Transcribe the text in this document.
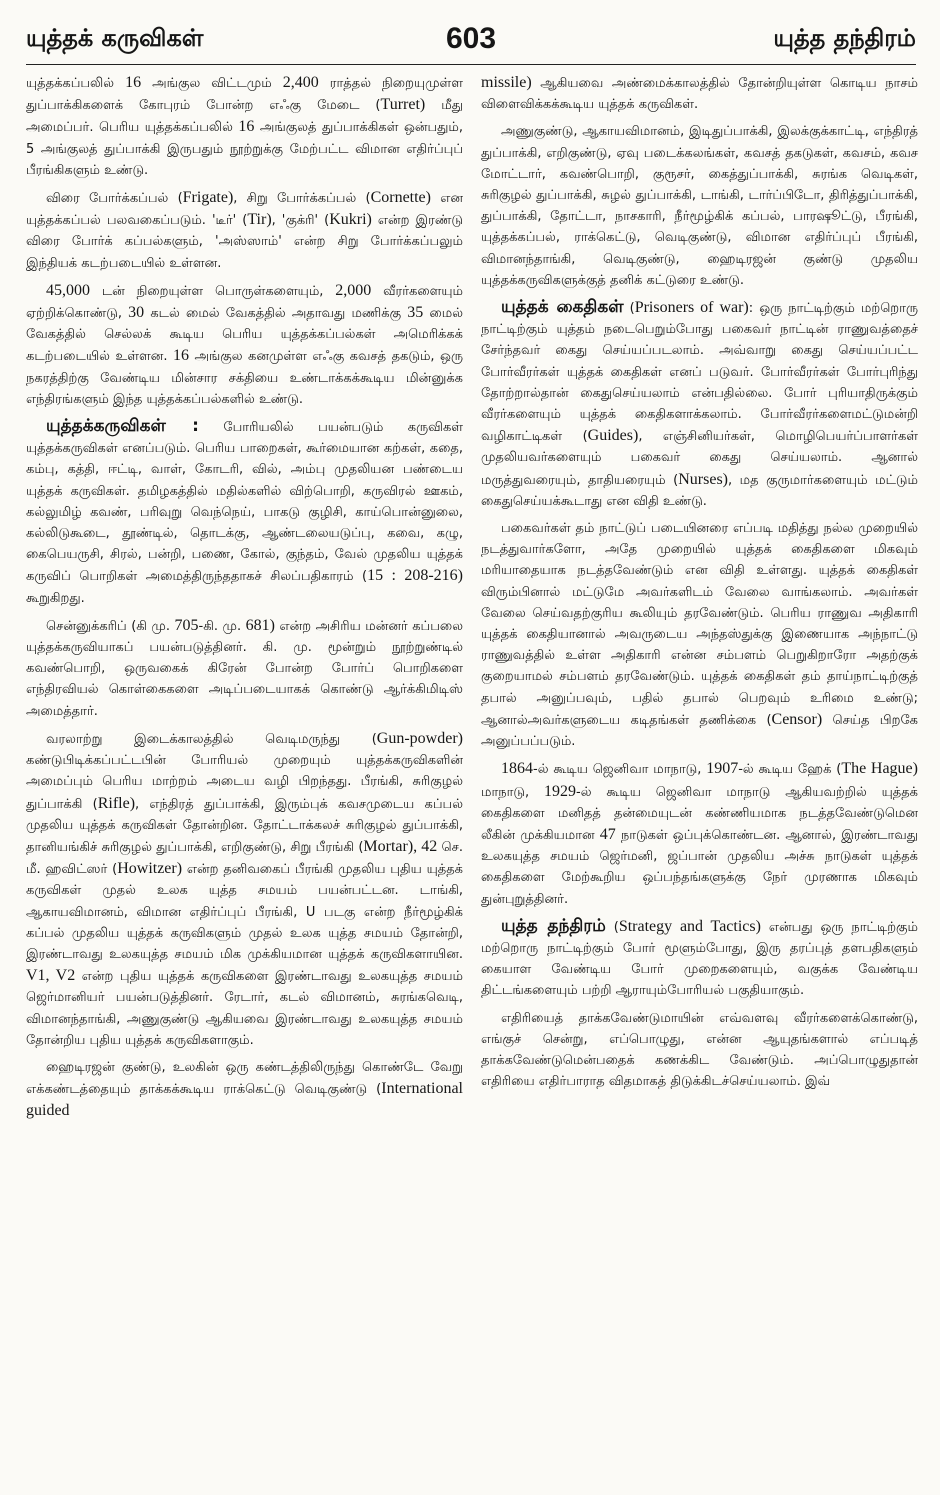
யுத்தக் கருவிகள்	603	யுத்த தந்திரம்

யுத்தக்கப்பலில் 16 அங்குல விட்டமும் 2,400 ராத்தல் நிறையுமுள்ள துப்பாக்கிகளைக் கோபுரம் போன்ற எஃகு மேடை (Turret) மீது அமைப்பர். பெரிய யுத்தக்கப்பலில் 16 அங்குலத் துப்பாக்கிகள் ஒன்பதும், 5 அங்குலத் துப்பாக்கி இருபதும் நூற்றுக்கு மேற்பட்ட விமான எதிர்ப்புப் பீரங்கிகளும் உண்டு.

விரை போர்க்கப்பல் (Frigate), சிறு போர்க்கப்பல் (Cornette) என யுத்தக்கப்பல் பலவகைப்படும். 'டீர்' (Tir), 'குக்ரி' (Kukri) என்ற இரண்டு விரை போர்க் கப்பல்களும், 'அஸ்ஸாம்' என்ற சிறு போர்க்கப்பலும் இந்தியக் கடற்படையில் உள்ளன.

45,000 டன் நிறையுள்ள பொருள்களையும், 2,000 வீரர்களையும் ஏற்றிக்கொண்டு, 30 கடல் மைல் வேகத்தில் அதாவது மணிக்கு 35 மைல் வேகத்தில் செல்லக் கூடிய பெரிய யுத்தக்கப்பல்கள் அமெரிக்கக் கடற்படையில் உள்ளன. 16 அங்குல கனமுள்ள எஃகு கவசத் தகடும், ஒரு நகரத்திற்கு வேண்டிய மின்சார சக்தியை உண்டாக்கக்கூடிய மின்னுக்க எந்திரங்களும் இந்த யுத்தக்கப்பல்களில் உண்டு.

யுத்தக்கருவிகள் : போரியலில் பயன்படும் கருவிகள் யுத்தக்கருவிகள் எனப்படும். பெரிய பாறைகள், கூர்மையான கற்கள், கதை, கம்பு, கத்தி, ஈட்டி, வாள், கோடரி, வில், அம்பு முதலியன பண்டைய யுத்தக் கருவிகள். தமிழகத்தில் மதில்களில் விற்பொறி, கருவிரல் ஊகம், கல்லுமிழ் கவண், பரிவுறு வெந்நெய், பாகடு குழிசி, காய்பொன்னுலை, கல்லிடுகூடை, தூண்டில், தொடக்கு, ஆண்டலையடுப்பு, கவை, கழு, கைபெயருசி, சிரல், பன்றி, பணை, கோல், குந்தம், வேல் முதலிய யுத்தக் கருவிப் பொறிகள் அமைத்திருந்ததாகச் சிலப்பதிகாரம் (15 : 208-216) கூறுகிறது.

சென்னுக்கரிப் (கி மு. 705-கி. மு. 681) என்ற அசிரிய மன்னர் கப்பலை யுத்தக்கருவியாகப் பயன்படுத்தினர். கி. மு. மூன்றும் நூற்றுண்டில் கவண்பொறி, ஒருவகைக் கிரேன் போன்ற போர்ப் பொறிகளை எந்திரவியல் கொள்கைகளை அடிப்படையாகக் கொண்டு ஆர்க்கிமிடிஸ் அமைத்தார்.

வரலாற்று இடைக்காலத்தில் வெடிமருந்து (Gun-powder) கண்டுபிடிக்கப்பட்டபின் போரியல் முறையும் யுத்தக்கருவிகளின் அமைப்பும் பெரிய மாற்றம் அடைய வழி பிறந்தது. பீரங்கி, சுரிகுழல் துப்பாக்கி (Rifle), எந்திரத் துப்பாக்கி, இரும்புக் கவசமுடைய கப்பல் முதலிய யுத்தக் கருவிகள் தோன்றின. தோட்டாக்கலச் சுரிகுழல் துப்பாக்கி, தானியங்கிச் சுரிகுழல் துப்பாக்கி, எறிகுண்டு, சிறு பீரங்கி (Mortar), 42 செ. மீ. ஹவிட்ஸர் (Howitzer) என்ற தனிவகைப் பீரங்கி முதலிய புதிய யுத்தக் கருவிகள் முதல் உலக யுத்த சமயம் பயன்பட்டன. டாங்கி, ஆகாயவிமானம், விமான எதிர்ப்புப் பீரங்கி, U படகு என்ற நீர்மூழ்கிக் கப்பல் முதலிய யுத்தக் கருவிகளும் முதல் உலக யுத்த சமயம் தோன்றி, இரண்டாவது உலகயுத்த சமயம் மிக முக்கியமான யுத்தக் கருவிகளாயின. V1, V2 என்ற புதிய யுத்தக் கருவிகளை இரண்டாவது உலகயுத்த சமயம் ஜெர்மானியர் பயன்படுத்தினர். ரேடார், கடல் விமானம், சுரங்கவெடி, விமானந்தாங்கி, அணுகுண்டு ஆகியவை இரண்டாவது உலகயுத்த சமயம் தோன்றிய புதிய யுத்தக் கருவிகளாகும்.

ஹைடிரஜன் குண்டு, உலகின் ஒரு கண்டத்திலிருந்து கொண்டே வேறு எக்கண்டத்தையும் தாக்கக்கூடிய ராக்கெட்டு வெடிகுண்டு (International guided

missile) ஆகியவை அண்மைக்காலத்தில் தோன்றியுள்ள கொடிய நாசம் விளைவிக்கக்கூடிய யுத்தக் கருவிகள்.

அணுகுண்டு, ஆகாயவிமானம், இடிதுப்பாக்கி, இலக்குக்காட்டி, எந்திரத் துப்பாக்கி, எறிகுண்டு, ஏவு படைக்கலங்கள், கவசத் தகடுகள், கவசம், கவச மோட்டார், கவண்பொறி, குரூசர், கைத்துப்பாக்கி, சுரங்க வெடிகள், சுரிகுழல் துப்பாக்கி, சுழல் துப்பாக்கி, டாங்கி, டார்ப்பிடோ, திரித்துப்பாக்கி, துப்பாக்கி, தோட்டா, நாசகாரி, நீர்மூழ்கிக் கப்பல், பாரஷூட்டு, பீரங்கி, யுத்தக்கப்பல், ராக்கெட்டு, வெடிகுண்டு, விமான எதிர்ப்புப் பீரங்கி, விமானந்தாங்கி, வெடிகுண்டு, ஹைடிரஜன் குண்டு முதலிய யுத்தக்கருவிகளுக்குத் தனிக் கட்டுரை உண்டு.

யுத்தக் கைதிகள் (Prisoners of war): ஒரு நாட்டிற்கும் மற்றொரு நாட்டிற்கும் யுத்தம் நடைபெறும்போது பகைவர் நாட்டின் ராணுவத்தைச் சேர்ந்தவர் கைது செய்யப்படலாம். அவ்வாறு கைது செய்யப்பட்ட போர்வீரர்கள் யுத்தக் கைதிகள் எனப் படுவர். போர்வீரர்கள் போர்புரிந்து தோற்றால்தான் கைதுசெய்யலாம் என்பதில்லை. போர் புரியாதிருக்கும் வீரர்களையும் யுத்தக் கைதிகளாக்கலாம். போர்வீரர்களைமட்டுமன்றி வழிகாட்டிகள் (Guides), எஞ்சினியர்கள், மொழிபெயர்ப்பாளர்கள் முதலியவர்களையும் பகைவர் கைது செய்யலாம். ஆனால் மருத்துவரையும், தாதியரையும் (Nurses), மத குருமார்களையும் மட்டும் கைதுசெய்யக்கூடாது என விதி உண்டு.

பகைவர்கள் தம் நாட்டுப் படையினரை எப்படி மதித்து நல்ல முறையில் நடத்துவார்களோ, அதே முறையில் யுத்தக் கைதிகளை மிகவும் மரியாதையாக நடத்தவேண்டும் என விதி உள்ளது. யுத்தக் கைதிகள் விரும்பினால் மட்டுமே அவர்களிடம் வேலை வாங்கலாம். அவர்கள் வேலை செய்வதற்குரிய கூலியும் தரவேண்டும். பெரிய ராணுவ அதிகாரி யுத்தக் கைதியானால் அவருடைய அந்தஸ்துக்கு இணையாக அந்நாட்டு ராணுவத்தில் உள்ள அதிகாரி என்ன சம்பளம் பெறுகிறாரோ அதற்குக் குறையாமல் சம்பளம் தரவேண்டும். யுத்தக் கைதிகள் தம் தாய்நாட்டிற்குத் தபால் அனுப்பவும், பதில் தபால் பெறவும் உரிமை உண்டு; ஆனால்அவர்களுடைய கடிதங்கள் தணிக்கை (Censor) செய்த பிறகே அனுப்பப்படும்.

1864-ல் கூடிய ஜெனிவா மாநாடு, 1907-ல் கூடிய ஹேக் (The Hague) மாநாடு, 1929-ல் கூடிய ஜெனிவா மாநாடு ஆகியவற்றில் யுத்தக் கைதிகளை மனிதத் தன்மையுடன் கண்ணியமாக நடத்தவேண்டுமென லீகின் முக்கியமான 47 நாடுகள் ஒப்புக்கொண்டன. ஆனால், இரண்டாவது உலகயுத்த சமயம் ஜெர்மனி, ஜப்பான் முதலிய அச்சு நாடுகள் யுத்தக் கைதிகளை மேற்கூறிய ஒப்பந்தங்களுக்கு நேர் முரணாக மிகவும் துன்புறுத்தினர்.

யுத்த தந்திரம் (Strategy and Tactics) என்பது ஒரு நாட்டிற்கும் மற்றொரு நாட்டிற்கும் போர் மூளும்போது, இரு தரப்புத் தளபதிகளும் கையாள வேண்டிய போர் முறைகளையும், வகுக்க வேண்டிய திட்டங்களையும் பற்றி ஆராயும்போரியல் பகுதியாகும்.

எதிரியைத் தாக்கவேண்டுமாயின் எவ்வளவு வீரர்களைக்கொண்டு, எங்குச் சென்று, எப்பொழுது, என்ன ஆயுதங்களால் எப்படித் தாக்கவேண்டுமென்பதைக் கணக்கிட வேண்டும். அப்பொழுதுதான் எதிரியை எதிர்பாராத விதமாகத் திடுக்கிடச்செய்யலாம். இவ்
